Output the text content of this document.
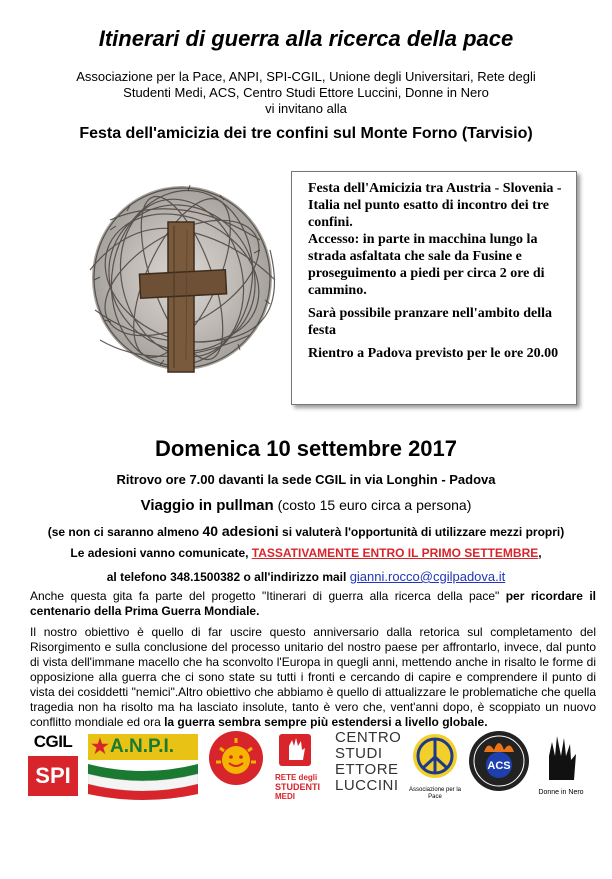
Itinerari di guerra alla ricerca della pace
Associazione per la Pace, ANPI, SPI-CGIL, Unione degli Universitari, Rete degli
Studenti Medi, ACS, Centro Studi Ettore Luccini, Donne in Nero
vi invitano alla
Festa dell'amicizia dei tre confini sul Monte Forno (Tarvisio)

Festa dell'Amicizia tra Austria - Slovenia - Italia nel punto esatto di incontro dei tre confini.

Accesso: in parte in macchina lungo la strada asfaltata che sale da Fusine e proseguimento a piedi per circa 2 ore di cammino.

Sarà possibile pranzare nell'ambito della festa

Rientro a Padova previsto per le ore 20.00

Domenica 10 settembre 2017
Ritrovo ore 7.00 davanti la sede CGIL in via Longhin - Padova
Viaggio in pullman (costo 15 euro circa a persona)
(se non ci saranno almeno 40 adesioni si valuterà l'opportunità di utilizzare mezzi propri)
Le adesioni vanno comunicate, TASSATIVAMENTE ENTRO IL PRIMO SETTEMBRE,
al telefono 348.1500382 o all'indirizzo mail gianni.rocco@cgilpadova.it
Anche questa gita fa parte del progetto "Itinerari di guerra alla ricerca della pace" per ricordare il centenario della Prima Guerra Mondiale.
Il nostro obiettivo è quello di far uscire questo anniversario dalla retorica sul completamento del Risorgimento e sulla conclusione del processo unitario del nostro paese per affrontarlo, invece, dal punto di vista dell'immane macello che ha sconvolto l'Europa in quegli anni, mettendo anche in risalto le forme di opposizione alla guerra che ci sono state su tutti i fronti e cercando di capire e comprendere il punto di vista dei cosiddetti "nemici".Altro obiettivo che abbiamo è quello di attualizzare le problematiche che quella tragedia non ha risolto ma ha lasciato insolute, tanto è vero che, vent'anni dopo, è scoppiato un nuovo conflitto mondiale ed ora la guerra sembra sempre più estendersi a livello globale.
CGIL
SPI
★ A.N.P.I.
RETE degli
STUDENTI
MEDI
CENTRO
STUDI
ETTORE
LUCCINI	Associazione per la Pace
ACS
Donne in Nero
